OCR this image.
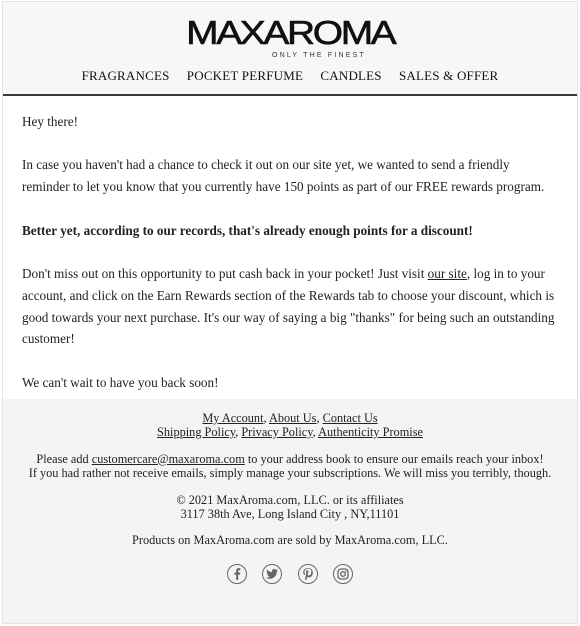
MAXAROMA
ONLY THE FINEST
FRAGRANCES POCKET PERFUME CANDLES SALES & OFFER

Hey there!

In case you haven't had a chance to check it out on our site yet, we wanted to send a friendly reminder to let you know that you currently have 150 points as part of our FREE rewards program.

Better yet, according to our records, that's already enough points for a discount!

Don't miss out on this opportunity to put cash back in your pocket! Just visit our site, log in to your account, and click on the Earn Rewards section of the Rewards tab to choose your discount, which is good towards your next purchase. It's our way of saying a big "thanks" for being such an outstanding customer!

We can't wait to have you back soon!

My Account, About Us, Contact Us
Shipping Policy, Privacy Policy, Authenticity Promise
Please add customercare@maxaroma.com to your address book to ensure our emails reach your inbox!
If you had rather not receive emails, simply manage your subscriptions. We will miss you terribly, though.
© 2021 MaxAroma.com, LLC. or its affiliates
3117 38th Ave, Long Island City , NY,11101
Products on MaxAroma.com are sold by MaxAroma.com, LLC.
